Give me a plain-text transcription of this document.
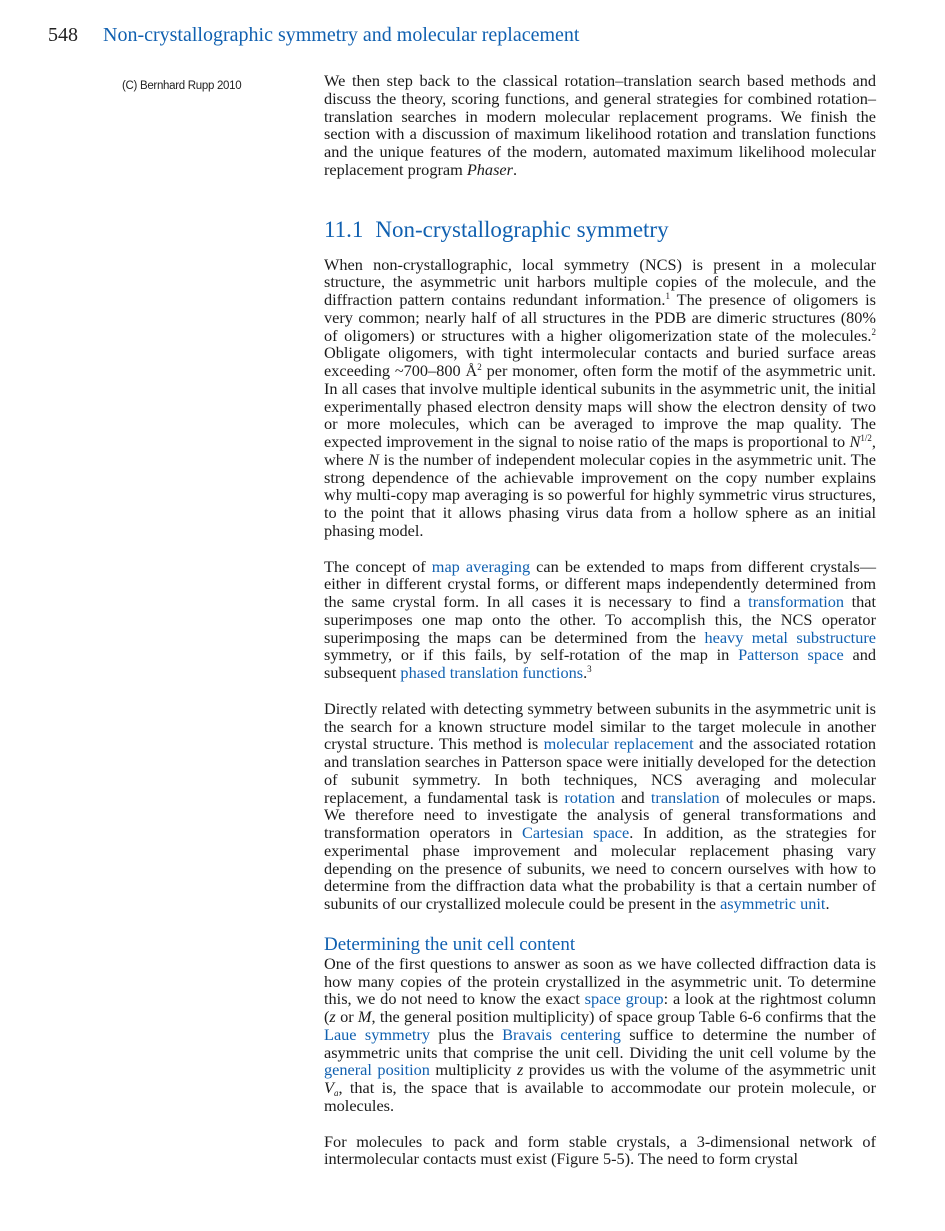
548 Non-crystallographic symmetry and molecular replacement
(C) Bernhard Rupp 2010	We then step back to the classical rotation–translation search based methods and discuss the theory, scoring functions, and general strategies for combined rotation–translation searches in modern molecular replacement programs. We finish the section with a discussion of maximum likelihood rotation and translation functions and the unique features of the modern, automated maximum likelihood molecular replacement program Phaser.

11.1 Non-crystallographic symmetry

When non-crystallographic, local symmetry (NCS) is present in a molecular structure, the asymmetric unit harbors multiple copies of the molecule, and the diffraction pattern contains redundant information.$^1$ The presence of oligomers is very common; nearly half of all structures in the PDB are dimeric structures (80% of oligomers) or structures with a higher oligomerization state of the molecules.$^2$ Obligate oligomers, with tight intermolecular contacts and buried surface areas exceeding ~700–800 $Å^2$ per monomer, often form the motif of the asymmetric unit. In all cases that involve multiple identical subunits in the asymmetric unit, the initial experimentally phased electron density maps will show the electron density of two or more molecules, which can be averaged to improve the map quality. The expected improvement in the signal to noise ratio of the maps is proportional to $N^{1/2}$, where N is the number of independent molecular copies in the asymmetric unit. The strong dependence of the achievable improvement on the copy number explains why multi-copy map averaging is so powerful for highly symmetric virus structures, to the point that it allows phasing virus data from a hollow sphere as an initial phasing model.

The concept of map averaging can be extended to maps from different crystals—either in different crystal forms, or different maps independently determined from the same crystal form. In all cases it is necessary to find a transformation that superimposes one map onto the other. To accomplish this, the NCS operator superimposing the maps can be determined from the heavy metal substructure symmetry, or if this fails, by self-rotation of the map in Patterson space and subsequent phased translation functions.$^3$

Directly related with detecting symmetry between subunits in the asymmetric unit is the search for a known structure model similar to the target molecule in another crystal structure. This method is molecular replacement and the associated rotation and translation searches in Patterson space were initially developed for the detection of subunit symmetry. In both techniques, NCS averaging and molecular replacement, a fundamental task is rotation and translation of molecules or maps. We therefore need to investigate the analysis of general transformations and transformation operators in Cartesian space. In addition, as the strategies for experimental phase improvement and molecular replacement phasing vary depending on the presence of subunits, we need to concern ourselves with how to determine from the diffraction data what the probability is that a certain number of subunits of our crystallized molecule could be present in the asymmetric unit.

Determining the unit cell content

One of the first questions to answer as soon as we have collected diffraction data is how many copies of the protein crystallized in the asymmetric unit. To determine this, we do not need to know the exact space group: a look at the rightmost column (z or M, the general position multiplicity) of space group Table 6-6 confirms that the Laue symmetry plus the Bravais centering suffice to determine the number of asymmetric units that comprise the unit cell. Dividing the unit cell volume by the general position multiplicity z provides us with the volume of the asymmetric unit $V_a$, that is, the space that is available to accommodate our protein molecule, or molecules.

For molecules to pack and form stable crystals, a 3-dimensional network of intermolecular contacts must exist (Figure 5-5). The need to form crystal
